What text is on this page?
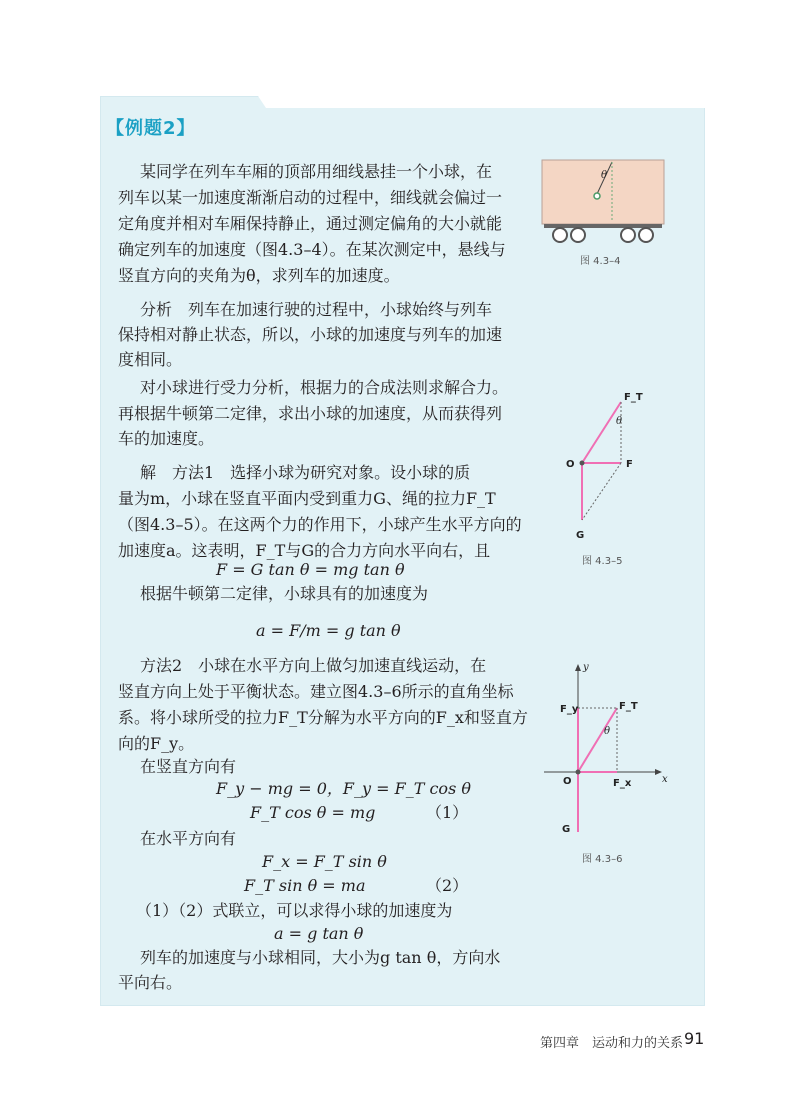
【例题2】
某同学在列车车厢的顶部用细线悬挂一个小球，在
列车以某一加速度渐渐启动的过程中，细线就会偏过一
定角度并相对车厢保持静止，通过测定偏角的大小就能
确定列车的加速度（图4.3–4）。在某次测定中，悬线与
竖直方向的夹角为θ，求列车的加速度。
分析　列车在加速行驶的过程中，小球始终与列车
保持相对静止状态，所以，小球的加速度与列车的加速
度相同。
对小球进行受力分析，根据力的合成法则求解合力。
再根据牛顿第二定律，求出小球的加速度，从而获得列
车的加速度。
解　方法1　选择小球为研究对象。设小球的质
量为m，小球在竖直平面内受到重力G、绳的拉力F_T
（图4.3–5）。在这两个力的作用下，小球产生水平方向的
加速度a。这表明，F_T与G的合力方向水平向右，且
F = G tan θ = mg tan θ
根据牛顿第二定律，小球具有的加速度为
a = F/m = g tan θ
方法2　小球在水平方向上做匀加速直线运动，在
竖直方向上处于平衡状态。建立图4.3–6所示的直角坐标
系。将小球所受的拉力F_T分解为水平方向的F_x和竖直方
向的F_y。
在竖直方向有
F_y − mg = 0，F_y = F_T cos θ
F_T cos θ = mg	（1）
在水平方向有
F_x = F_T sin θ
F_T sin θ = ma	（2）
（1）（2）式联立，可以求得小球的加速度为
a = g tan θ
列车的加速度与小球相同，大小为g tan θ，方向水
平向右。
θ
图 4.3–4
F_T
θ
O	F
G
图 4.3–5
y
F_y	F_T
θ
O	F_x	x
G
图 4.3–6
第四章　运动和力的关系 91
